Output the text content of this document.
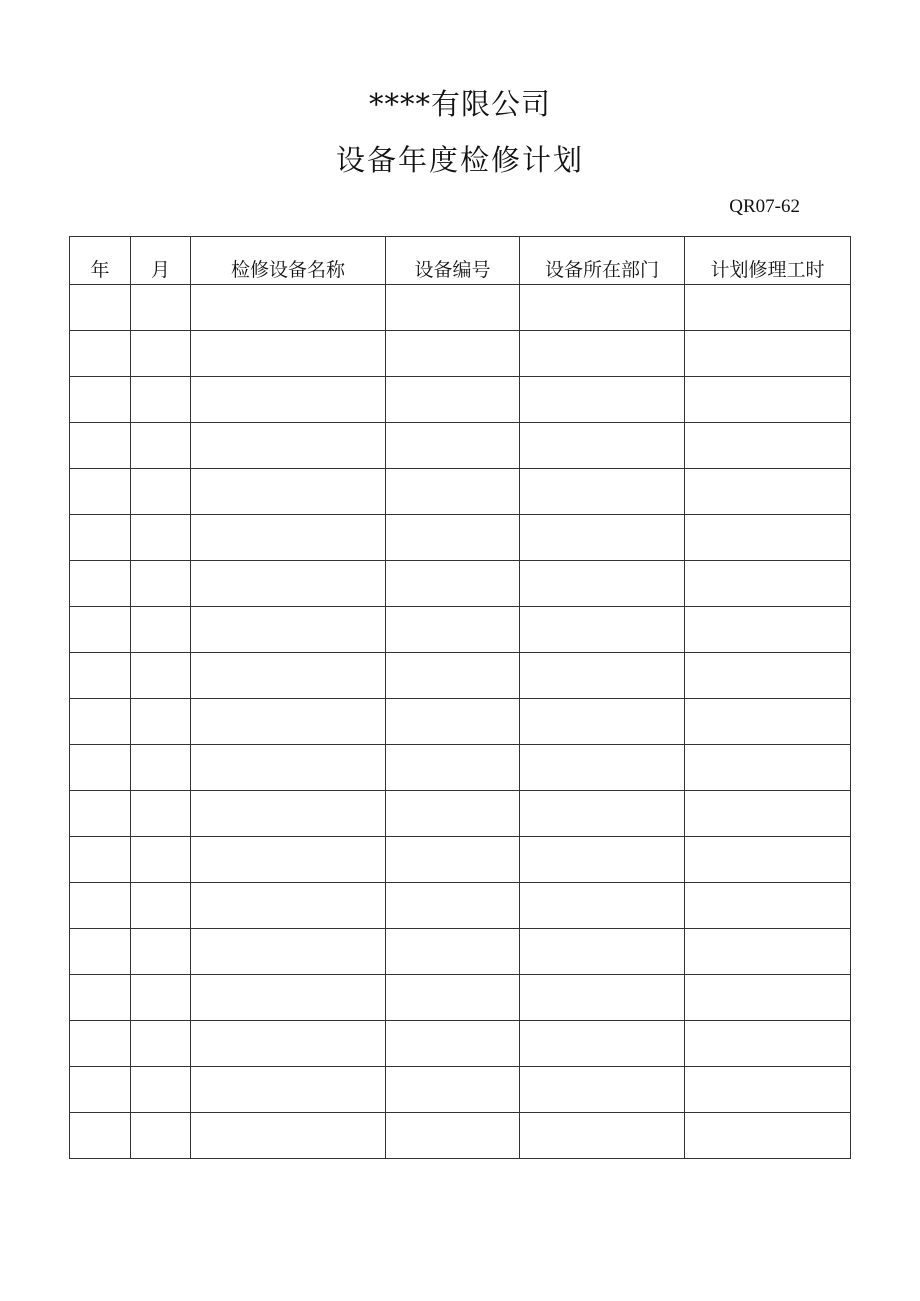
****有限公司
设备年度检修计划
QR07-62
年	月	检修设备名称	设备编号	设备所在部门	计划修理工时
